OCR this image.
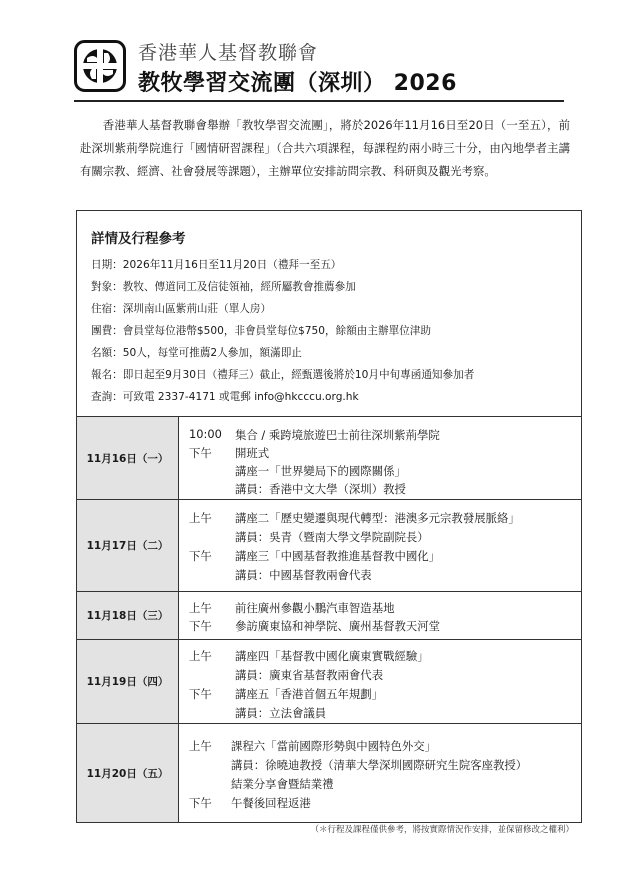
香港華人基督教聯會
教牧學習交流團（深圳） 2026

香港華人基督教聯會舉辦「教牧學習交流團」，將於2026年11月16日至20日（一至五），前赴深圳紫荊學院進行「國情研習課程」（合共六項課程，每課程約兩小時三十分，由內地學者主講有關宗教、經濟、社會發展等課題），主辦單位安排訪問宗教、科研與及觀光考察。

詳情及行程參考
日期：2026年11月16日至11月20日（禮拜一至五）
對象：教牧、傳道同工及信徒領袖，經所屬教會推薦參加
住宿：深圳南山區紫荊山莊（單人房）
團費：會員堂每位港幣$500，非會員堂每位$750，餘額由主辦單位津助
名額：50人，每堂可推薦2人參加，額滿即止
報名：即日起至9月30日（禮拜三）截止，經甄選後將於10月中旬專函通知參加者
查詢：可致電 2337-4171 或電郵 info@hkcccu.org.hk
11月16日（一）
10:00 集合 / 乘跨境旅遊巴士前往深圳紫荊學院
下午 開班式
講座一「世界變局下的國際關係」
講員：香港中文大學（深圳）教授
11月17日（二）
上午 講座二「歷史變遷與現代轉型：港澳多元宗教發展脈絡」
講員：吳青（暨南大學文學院副院長）
下午 講座三「中國基督教推進基督教中國化」
講員：中國基督教兩會代表
11月18日（三）
上午 前往廣州參觀小鵬汽車智造基地
下午 參訪廣東協和神學院、廣州基督教天河堂
11月19日（四）
上午 講座四「基督教中國化廣東實戰經驗」
講員：廣東省基督教兩會代表
下午 講座五「香港首個五年規劃」
講員：立法會議員
11月20日（五）
上午 課程六「當前國際形勢與中國特色外交」
講員：徐曉迪教授（清華大學深圳國際研究生院客座教授）
結業分享會暨結業禮
下午 午餐後回程返港
（＊行程及課程僅供參考，將按實際情況作安排，並保留修改之權利）
